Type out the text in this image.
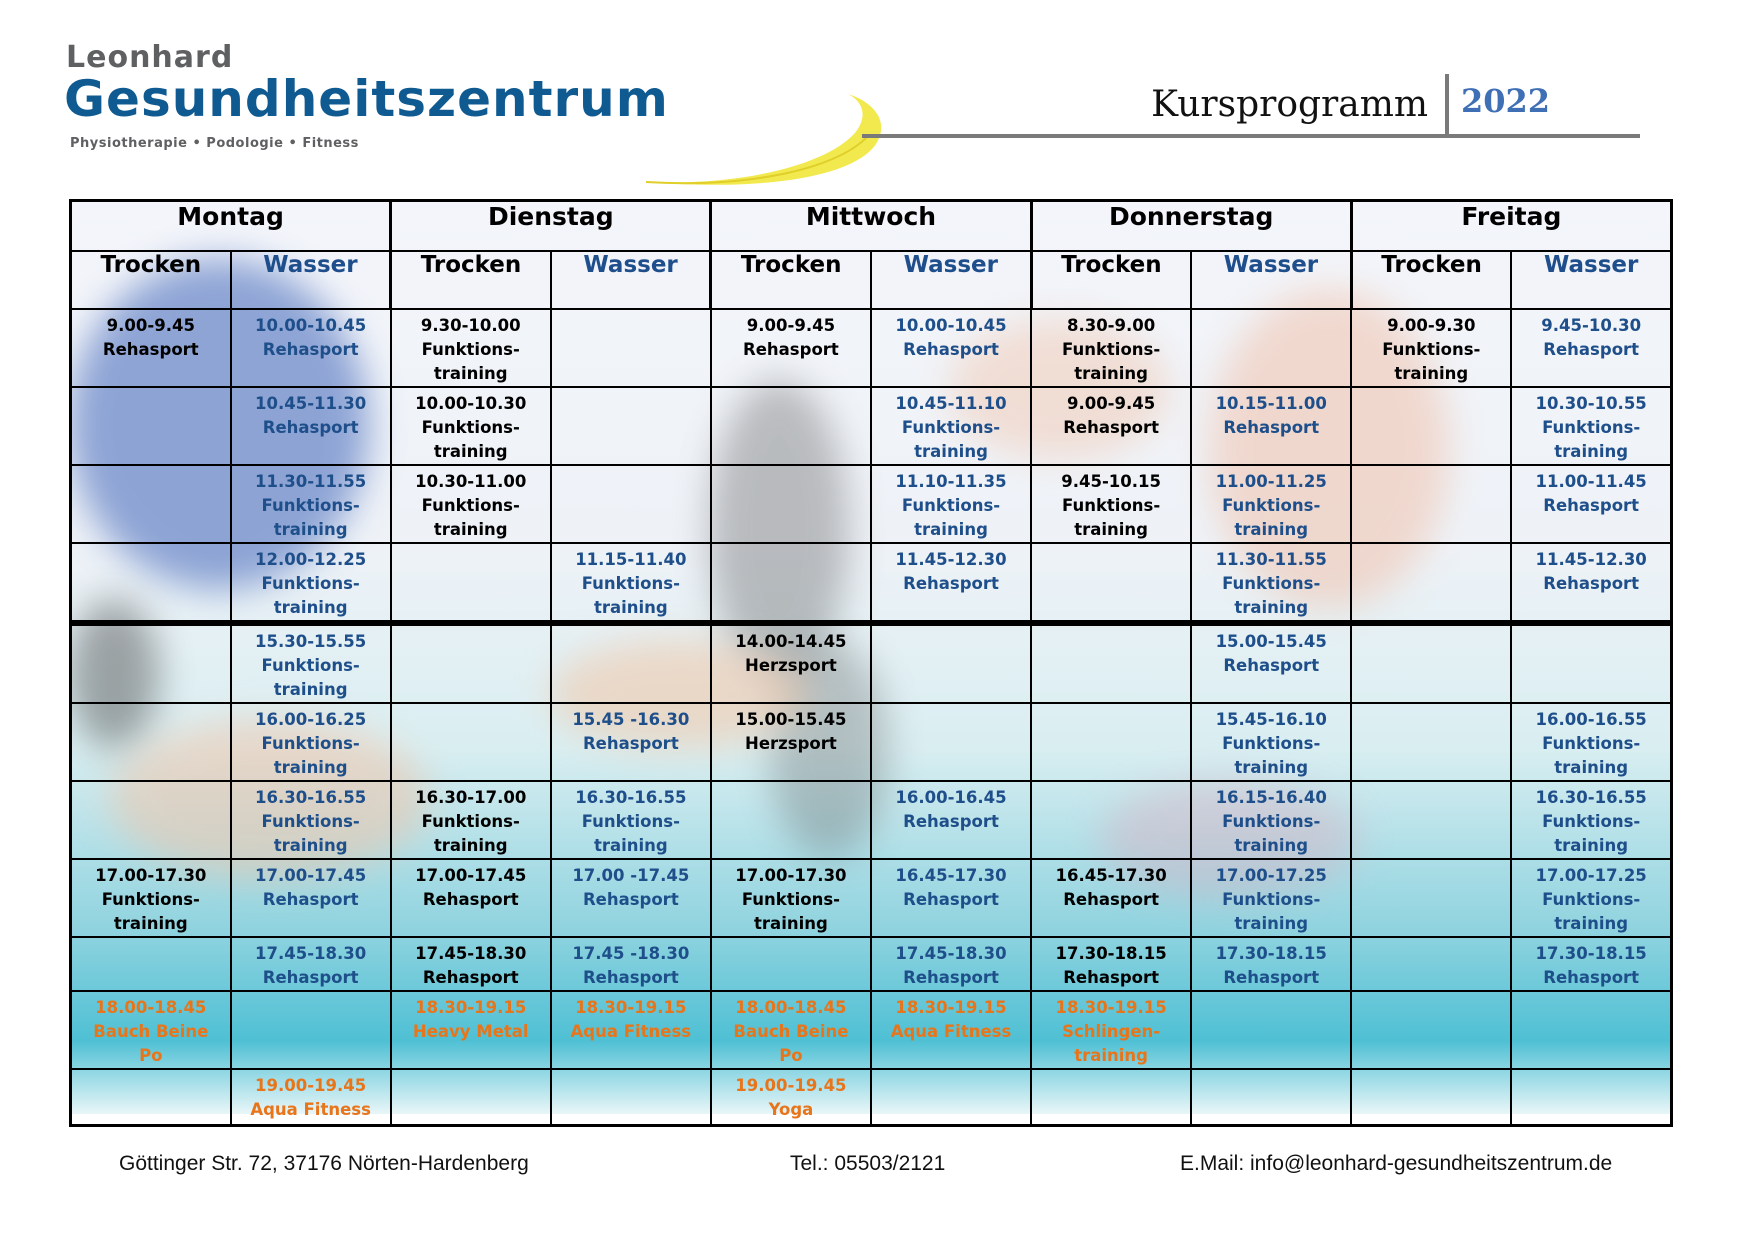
Leonhard
Gesundheitszentrum
Physiotherapie • Podologie • Fitness
Kursprogramm 2022
Montag		Dienstag		Mittwoch		Donnerstag		Freitag	
Trocken	Wasser	Trocken	Wasser	Trocken	Wasser	Trocken	Wasser	Trocken	Wasser

9.00-9.45
Rehasport	10.00-10.45
Rehasport	9.30-10.00
Funktions-
training		9.00-9.45
Rehasport	10.00-10.45
Rehasport	8.30-9.00
Funktions-
training		9.00-9.30
Funktions-
training	9.45-10.30
Rehasport

	10.45-11.30
Rehasport	10.00-10.30
Funktions-
training			10.45-11.10
Funktions-
training	9.00-9.45
Rehasport	10.15-11.00
Rehasport		10.30-10.55
Funktions-
training

	11.30-11.55
Funktions-
training	10.30-11.00
Funktions-
training			11.10-11.35
Funktions-
training	9.45-10.15
Funktions-
training	11.00-11.25
Funktions-
training		11.00-11.45
Rehasport

	12.00-12.25
Funktions-
training		11.15-11.40
Funktions-
training		11.45-12.30
Rehasport		11.30-11.55
Funktions-
training		11.45-12.30
Rehasport

	15.30-15.55
Funktions-
training			14.00-14.45
Herzsport			15.00-15.45
Rehasport		

	16.00-16.25
Funktions-
training		15.45 -16.30
Rehasport	15.00-15.45
Herzsport			15.45-16.10
Funktions-
training		16.00-16.55
Funktions-
training

	16.30-16.55
Funktions-
training	16.30-17.00
Funktions-
training	16.30-16.55
Funktions-
training		16.00-16.45
Rehasport		16.15-16.40
Funktions-
training		16.30-16.55
Funktions-
training

17.00-17.30
Funktions-
training	17.00-17.45
Rehasport	17.00-17.45
Rehasport	17.00 -17.45
Rehasport	17.00-17.30
Funktions-
training	16.45-17.30
Rehasport	16.45-17.30
Rehasport	17.00-17.25
Funktions-
training		17.00-17.25
Funktions-
training

	17.45-18.30
Rehasport	17.45-18.30
Rehasport	17.45 -18.30
Rehasport		17.45-18.30
Rehasport	17.30-18.15
Rehasport	17.30-18.15
Rehasport		17.30-18.15
Rehasport

18.00-18.45
Bauch Beine
Po		18.30-19.15
Heavy Metal	18.30-19.15
Aqua Fitness	18.00-18.45
Bauch Beine
Po	18.30-19.15
Aqua Fitness	18.30-19.15
Schlingen-
training			

	19.00-19.45
Aqua Fitness			19.00-19.45
Yoga					

Göttinger Str. 72, 37176 Nörten-Hardenberg	Tel.: 05503/2121	E.Mail: info@leonhard-gesundheitszentrum.de
